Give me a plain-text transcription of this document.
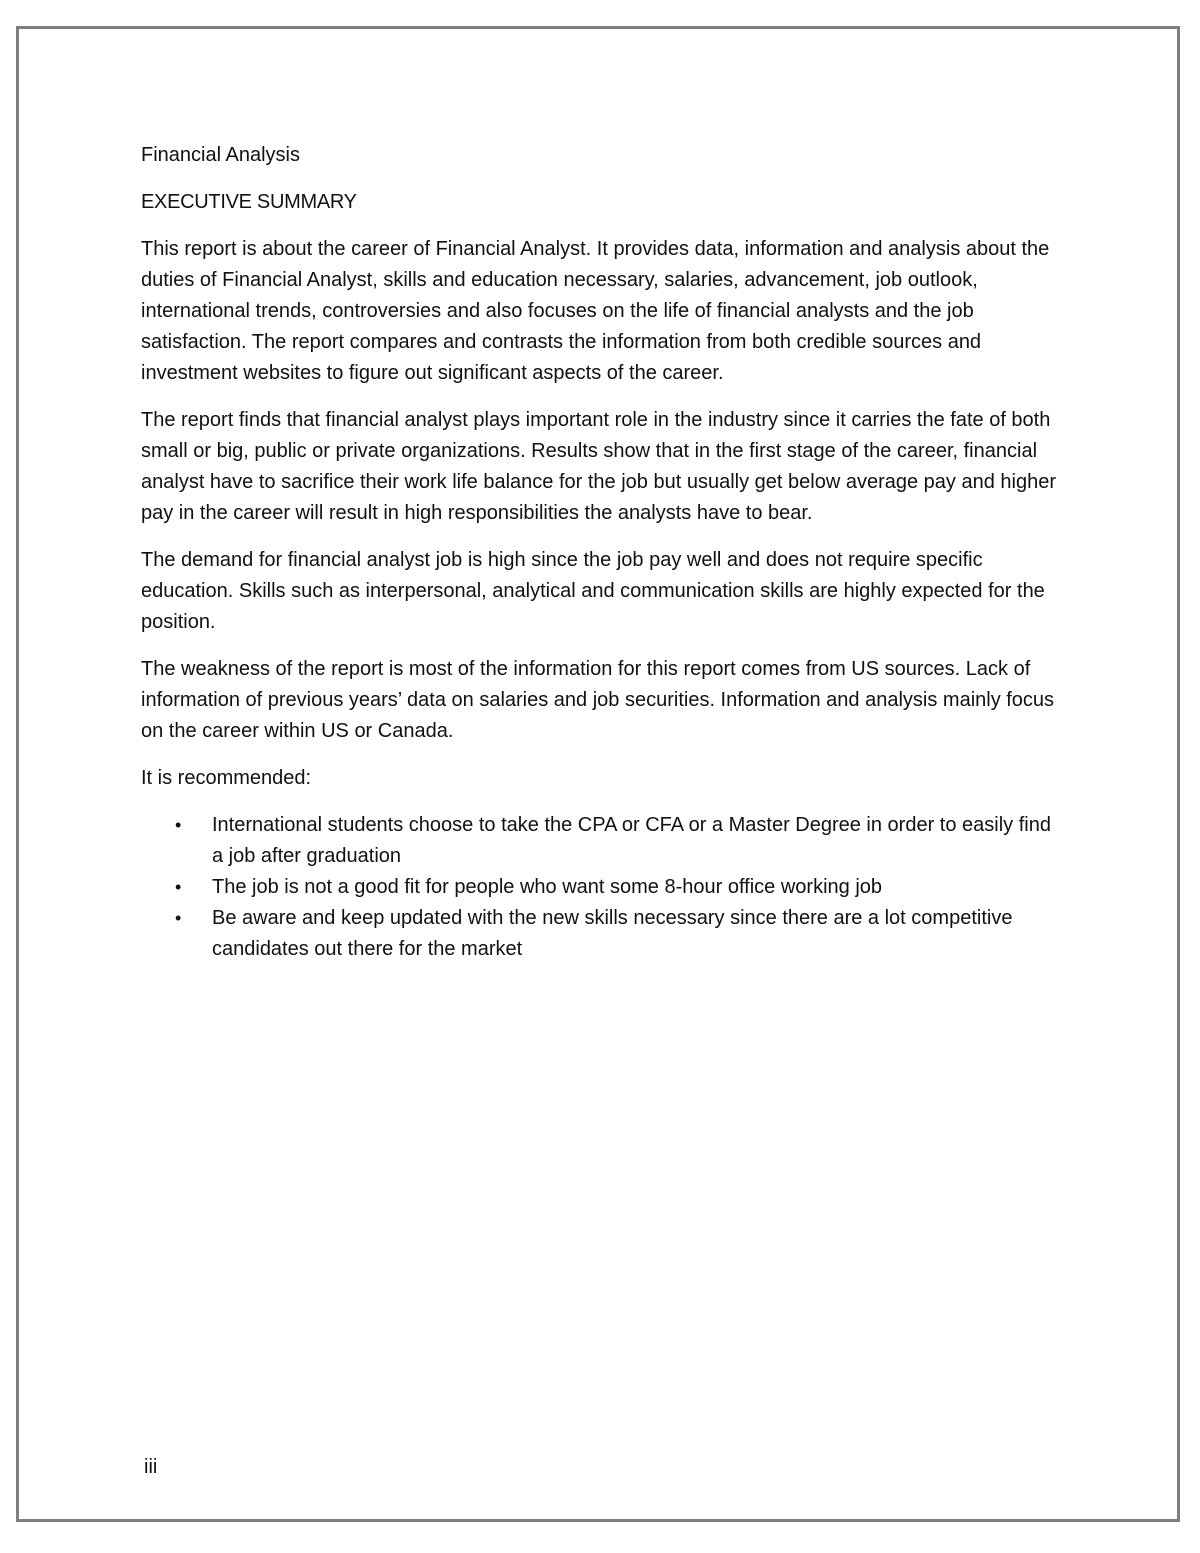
Financial Analysis
EXECUTIVE SUMMARY

This report is about the career of Financial Analyst. It provides data, information and analysis about the duties of Financial Analyst, skills and education necessary, salaries, advancement, job outlook, international trends, controversies and also focuses on the life of financial analysts and the job satisfaction. The report compares and contrasts the information from both credible sources and investment websites to figure out significant aspects of the career.

The report finds that financial analyst plays important role in the industry since it carries the fate of both small or big, public or private organizations. Results show that in the first stage of the career, financial analyst have to sacrifice their work life balance for the job but usually get below average pay and higher pay in the career will result in high responsibilities the analysts have to bear.

The demand for financial analyst job is high since the job pay well and does not require specific education. Skills such as interpersonal, analytical and communication skills are highly expected for the position.

The weakness of the report is most of the information for this report comes from US sources. Lack of information of previous years’ data on salaries and job securities. Information and analysis mainly focus on the career within US or Canada.

It is recommended:

• International students choose to take the CPA or CFA or a Master Degree in order to easily find a job after graduation
• The job is not a good fit for people who want some 8-hour office working job
• Be aware and keep updated with the new skills necessary since there are a lot competitive candidates out there for the market
iii
